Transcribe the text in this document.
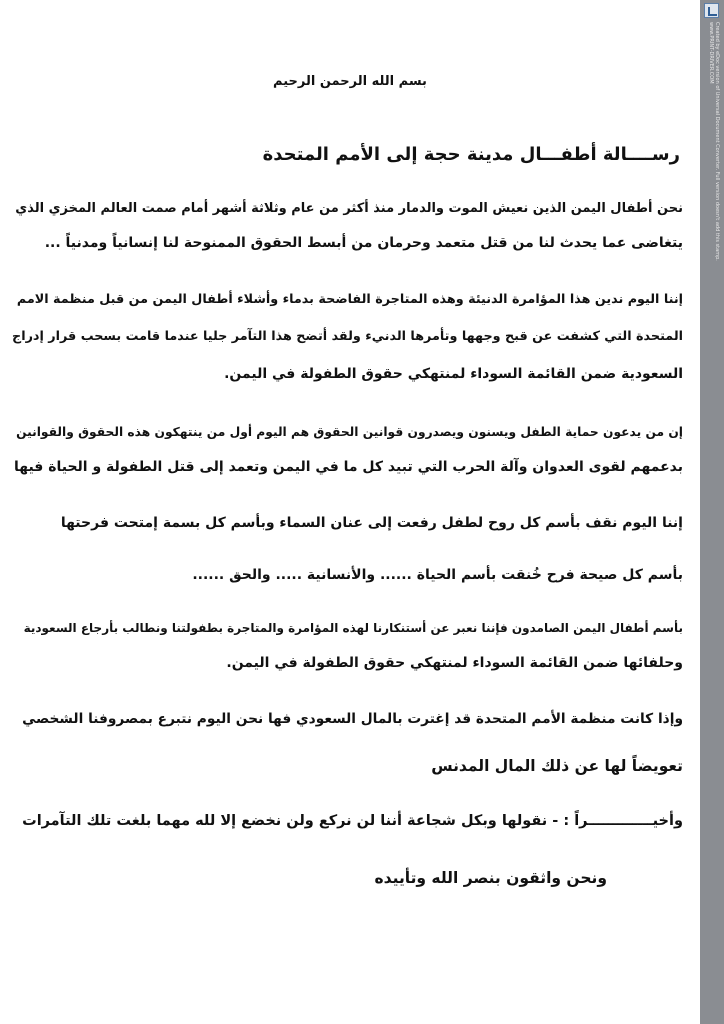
بسم الله الرحمن الرحيم
رســــالة أطفـــال مدينة حجة إلى الأمم المتحدة
نحن أطفال اليمن الذين نعيش الموت والدمار منذ أكثر من عام وثلاثة أشهر أمام صمت العالم المخزي الذي
يتغاضى عما يحدث لنا من قتل متعمد وحرمان من أبسط الحقوق الممنوحة لنا إنسانياً ومدنياً ...
إننا اليوم ندين هذا المؤامرة الدنيئة وهذه المتاجرة الفاضحة بدماء وأشلاء أطفال اليمن من قبل منظمة الامم
المتحدة التي كشفت عن قبح وجهها وتأمرها الدنيء ولقد أتضح هذا التآمر جليا عندما قامت بسحب قرار إدراج
السعودية ضمن القائمة السوداء لمنتهكي حقوق الطفولة في اليمن.
إن من يدعون حماية الطفل ويسنون ويصدرون قوانين الحقوق هم اليوم أول من ينتهكون هذه الحقوق والقوانين
بدعمهم لقوى العدوان وآلة الحرب التي تبيد كل ما في اليمن وتعمد إلى قتل الطفولة و الحياة فيها
إننا اليوم نقف بأسم كل روح لطفل رفعت إلى عنان السماء وبأسم كل بسمة إمتحت فرحتها
بأسم كل صيحة فرح خُنقت بأسم الحياة ...... والأنسانية ..... والحق ......
بأسم أطفال اليمن الصامدون فإننا نعبر عن أستنكارنا لهذه المؤامرة والمتاجرة بطفولتنا ونطالب بأرجاع السعودية
وحلفائها ضمن القائمة السوداء لمنتهكي حقوق الطفولة في اليمن.
وإذا كانت منظمة الأمم المتحدة قد إغترت بالمال السعودي فها نحن اليوم نتبرع بمصروفنا الشخصي
تعويضاً لها عن ذلك المال المدنس
وأخيـــــــــــــراً : - نقولها وبكل شجاعة أننا لن نركع ولن نخضع إلا لله مهما بلغت تلك التآمرات
ونحن واثقون بنصر الله وتأييده
Created by eDoc version of Universal Document Converter. Full version doesn't add this stamp.
www.PRINT-DRIVER.COM
